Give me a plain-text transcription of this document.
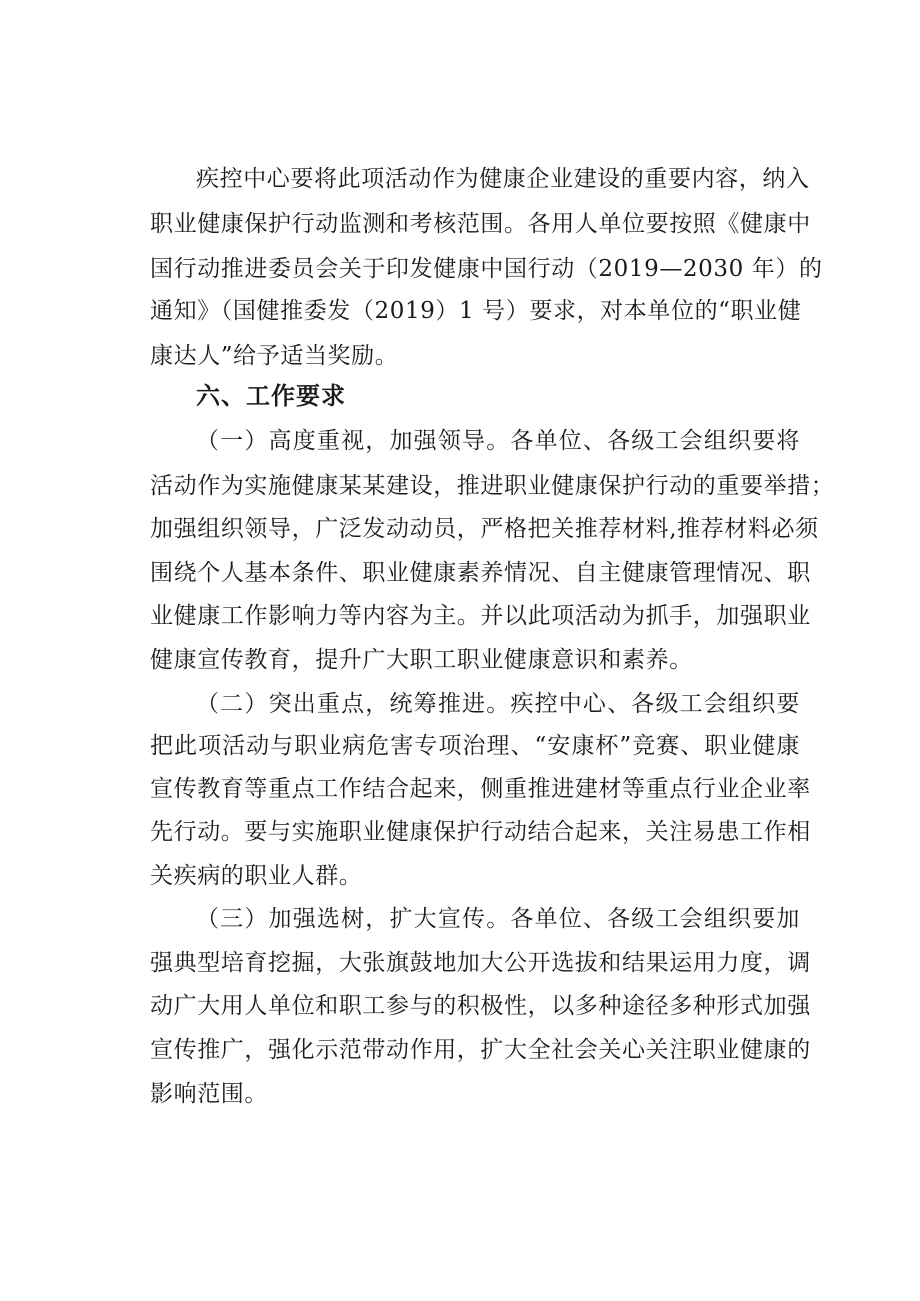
疾控中心要将此项活动作为健康企业建设的重要内容，纳入
职业健康保护行动监测和考核范围。各用人单位要按照《健康中
国行动推进委员会关于印发健康中国行动（2019—2030 年）的
通知》（国健推委发（2019）1 号）要求，对本单位的“职业健
康达人”给予适当奖励。
六、工作要求
（一）高度重视，加强领导。各单位、各级工会组织要将
活动作为实施健康某某建设，推进职业健康保护行动的重要举措；
加强组织领导，广泛发动动员，严格把关推荐材料,推荐材料必须
围绕个人基本条件、职业健康素养情况、自主健康管理情况、职
业健康工作影响力等内容为主。并以此项活动为抓手，加强职业
健康宣传教育，提升广大职工职业健康意识和素养。
（二）突出重点，统筹推进。疾控中心、各级工会组织要
把此项活动与职业病危害专项治理、“安康杯”竞赛、职业健康
宣传教育等重点工作结合起来，侧重推进建材等重点行业企业率
先行动。要与实施职业健康保护行动结合起来，关注易患工作相
关疾病的职业人群。
（三）加强选树，扩大宣传。各单位、各级工会组织要加
强典型培育挖掘，大张旗鼓地加大公开选拔和结果运用力度，调
动广大用人单位和职工参与的积极性，以多种途径多种形式加强
宣传推广，强化示范带动作用，扩大全社会关心关注职业健康的
影响范围。
